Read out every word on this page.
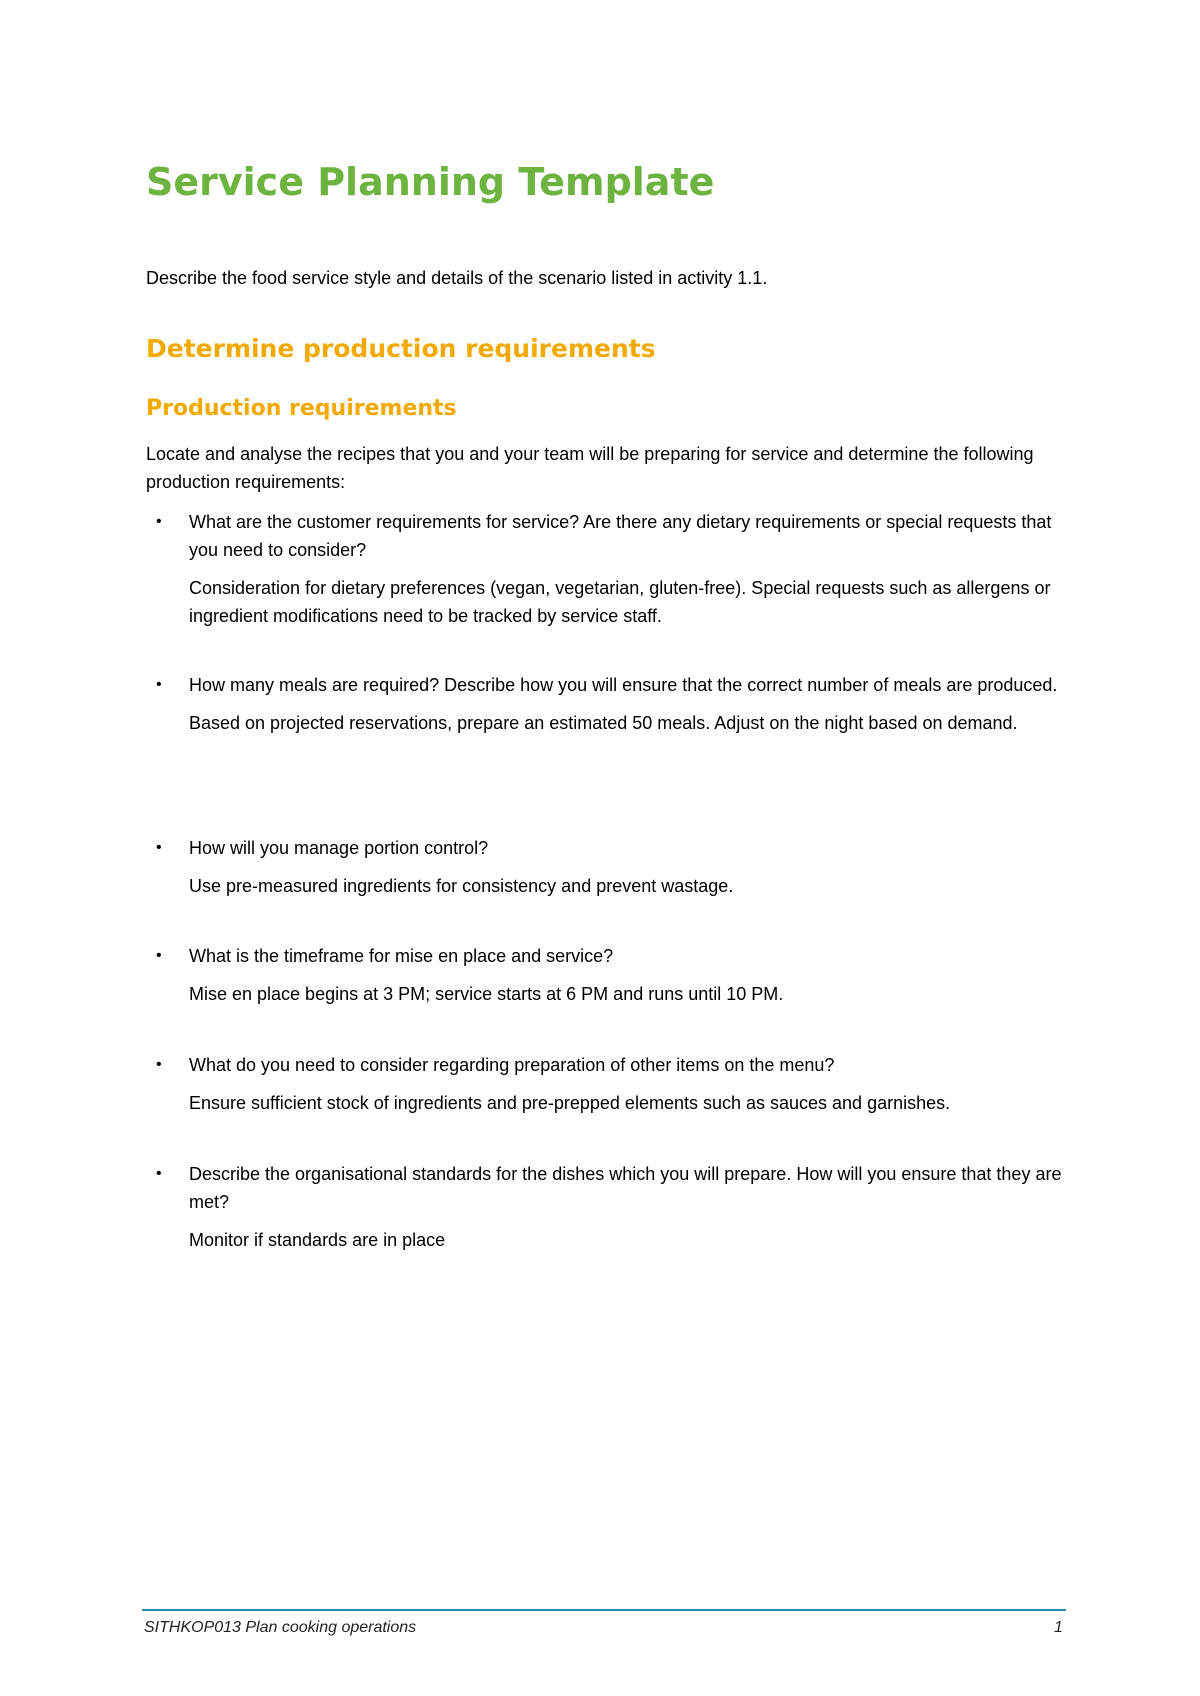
Service Planning Template

Describe the food service style and details of the scenario listed in activity 1.1.

Determine production requirements
Production requirements

Locate and analyse the recipes that you and your team will be preparing for service and determine the following production requirements:

• What are the customer requirements for service? Are there any dietary requirements or special requests that you need to consider?

Consideration for dietary preferences (vegan, vegetarian, gluten-free). Special requests such as allergens or ingredient modifications need to be tracked by service staff.

• How many meals are required? Describe how you will ensure that the correct number of meals are produced.

Based on projected reservations, prepare an estimated 50 meals. Adjust on the night based on demand.

• How will you manage portion control?

Use pre-measured ingredients for consistency and prevent wastage.

• What is the timeframe for mise en place and service?

Mise en place begins at 3 PM; service starts at 6 PM and runs until 10 PM.

• What do you need to consider regarding preparation of other items on the menu?

Ensure sufficient stock of ingredients and pre-prepped elements such as sauces and garnishes.

• Describe the organisational standards for the dishes which you will prepare. How will you ensure that they are met?

Monitor if standards are in place

SITHKOP013 Plan cooking operations	1
